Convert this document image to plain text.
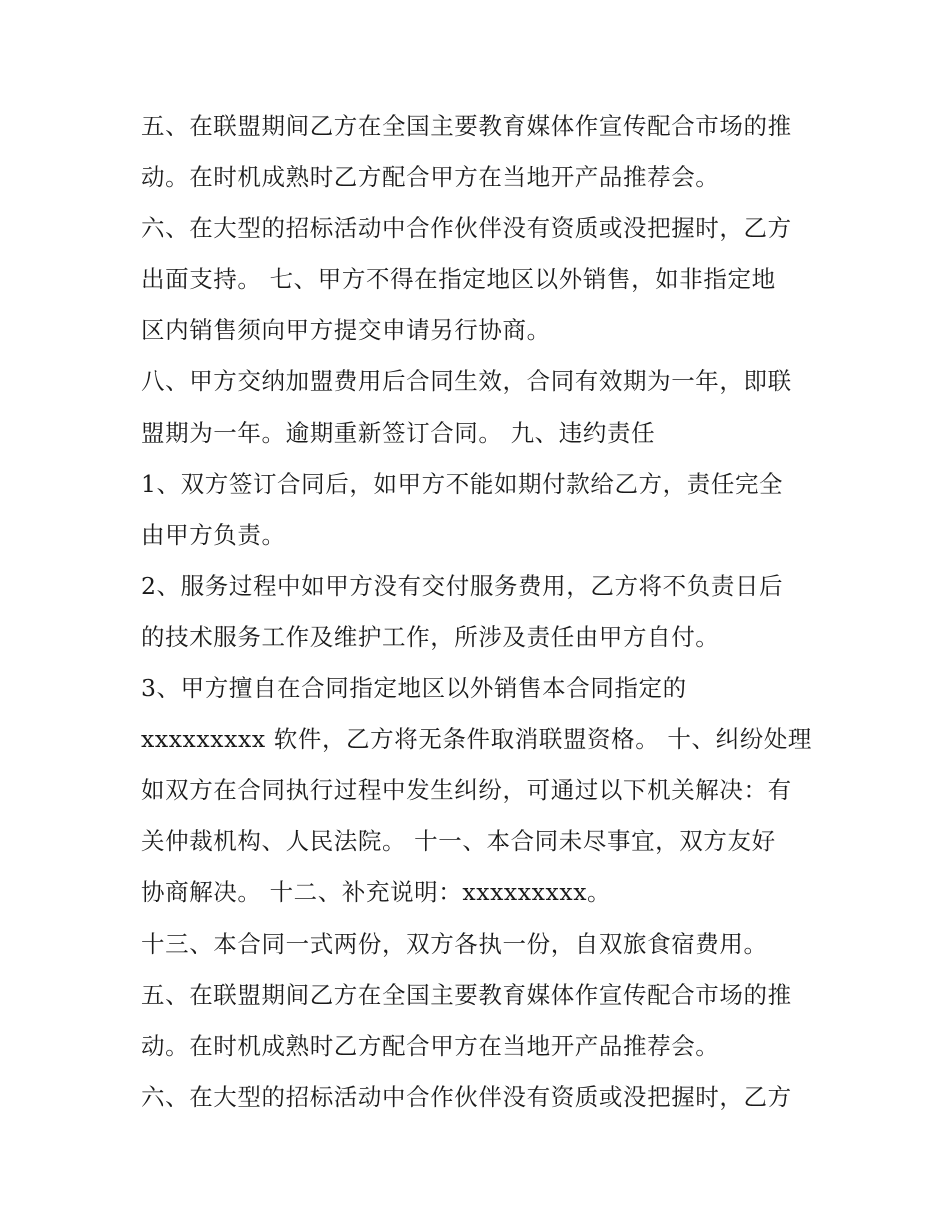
五、在联盟期间乙方在全国主要教育媒体作宣传配合市场的推
动。在时机成熟时乙方配合甲方在当地开产品推荐会。
六、在大型的招标活动中合作伙伴没有资质或没把握时，乙方
出面支持。 七、甲方不得在指定地区以外销售，如非指定地
区内销售须向甲方提交申请另行协商。
八、甲方交纳加盟费用后合同生效，合同有效期为一年，即联
盟期为一年。逾期重新签订合同。 九、违约责任
1、双方签订合同后，如甲方不能如期付款给乙方，责任完全
由甲方负责。
2、服务过程中如甲方没有交付服务费用，乙方将不负责日后
的技术服务工作及维护工作，所涉及责任由甲方自付。
3、甲方擅自在合同指定地区以外销售本合同指定的
xxxxxxxxx 软件，乙方将无条件取消联盟资格。 十、纠纷处理
如双方在合同执行过程中发生纠纷，可通过以下机关解决：有
关仲裁机构、人民法院。 十一、本合同未尽事宜，双方友好
协商解决。 十二、补充说明：xxxxxxxxx。
十三、本合同一式两份，双方各执一份，自双旅食宿费用。
五、在联盟期间乙方在全国主要教育媒体作宣传配合市场的推
动。在时机成熟时乙方配合甲方在当地开产品推荐会。
六、在大型的招标活动中合作伙伴没有资质或没把握时，乙方
